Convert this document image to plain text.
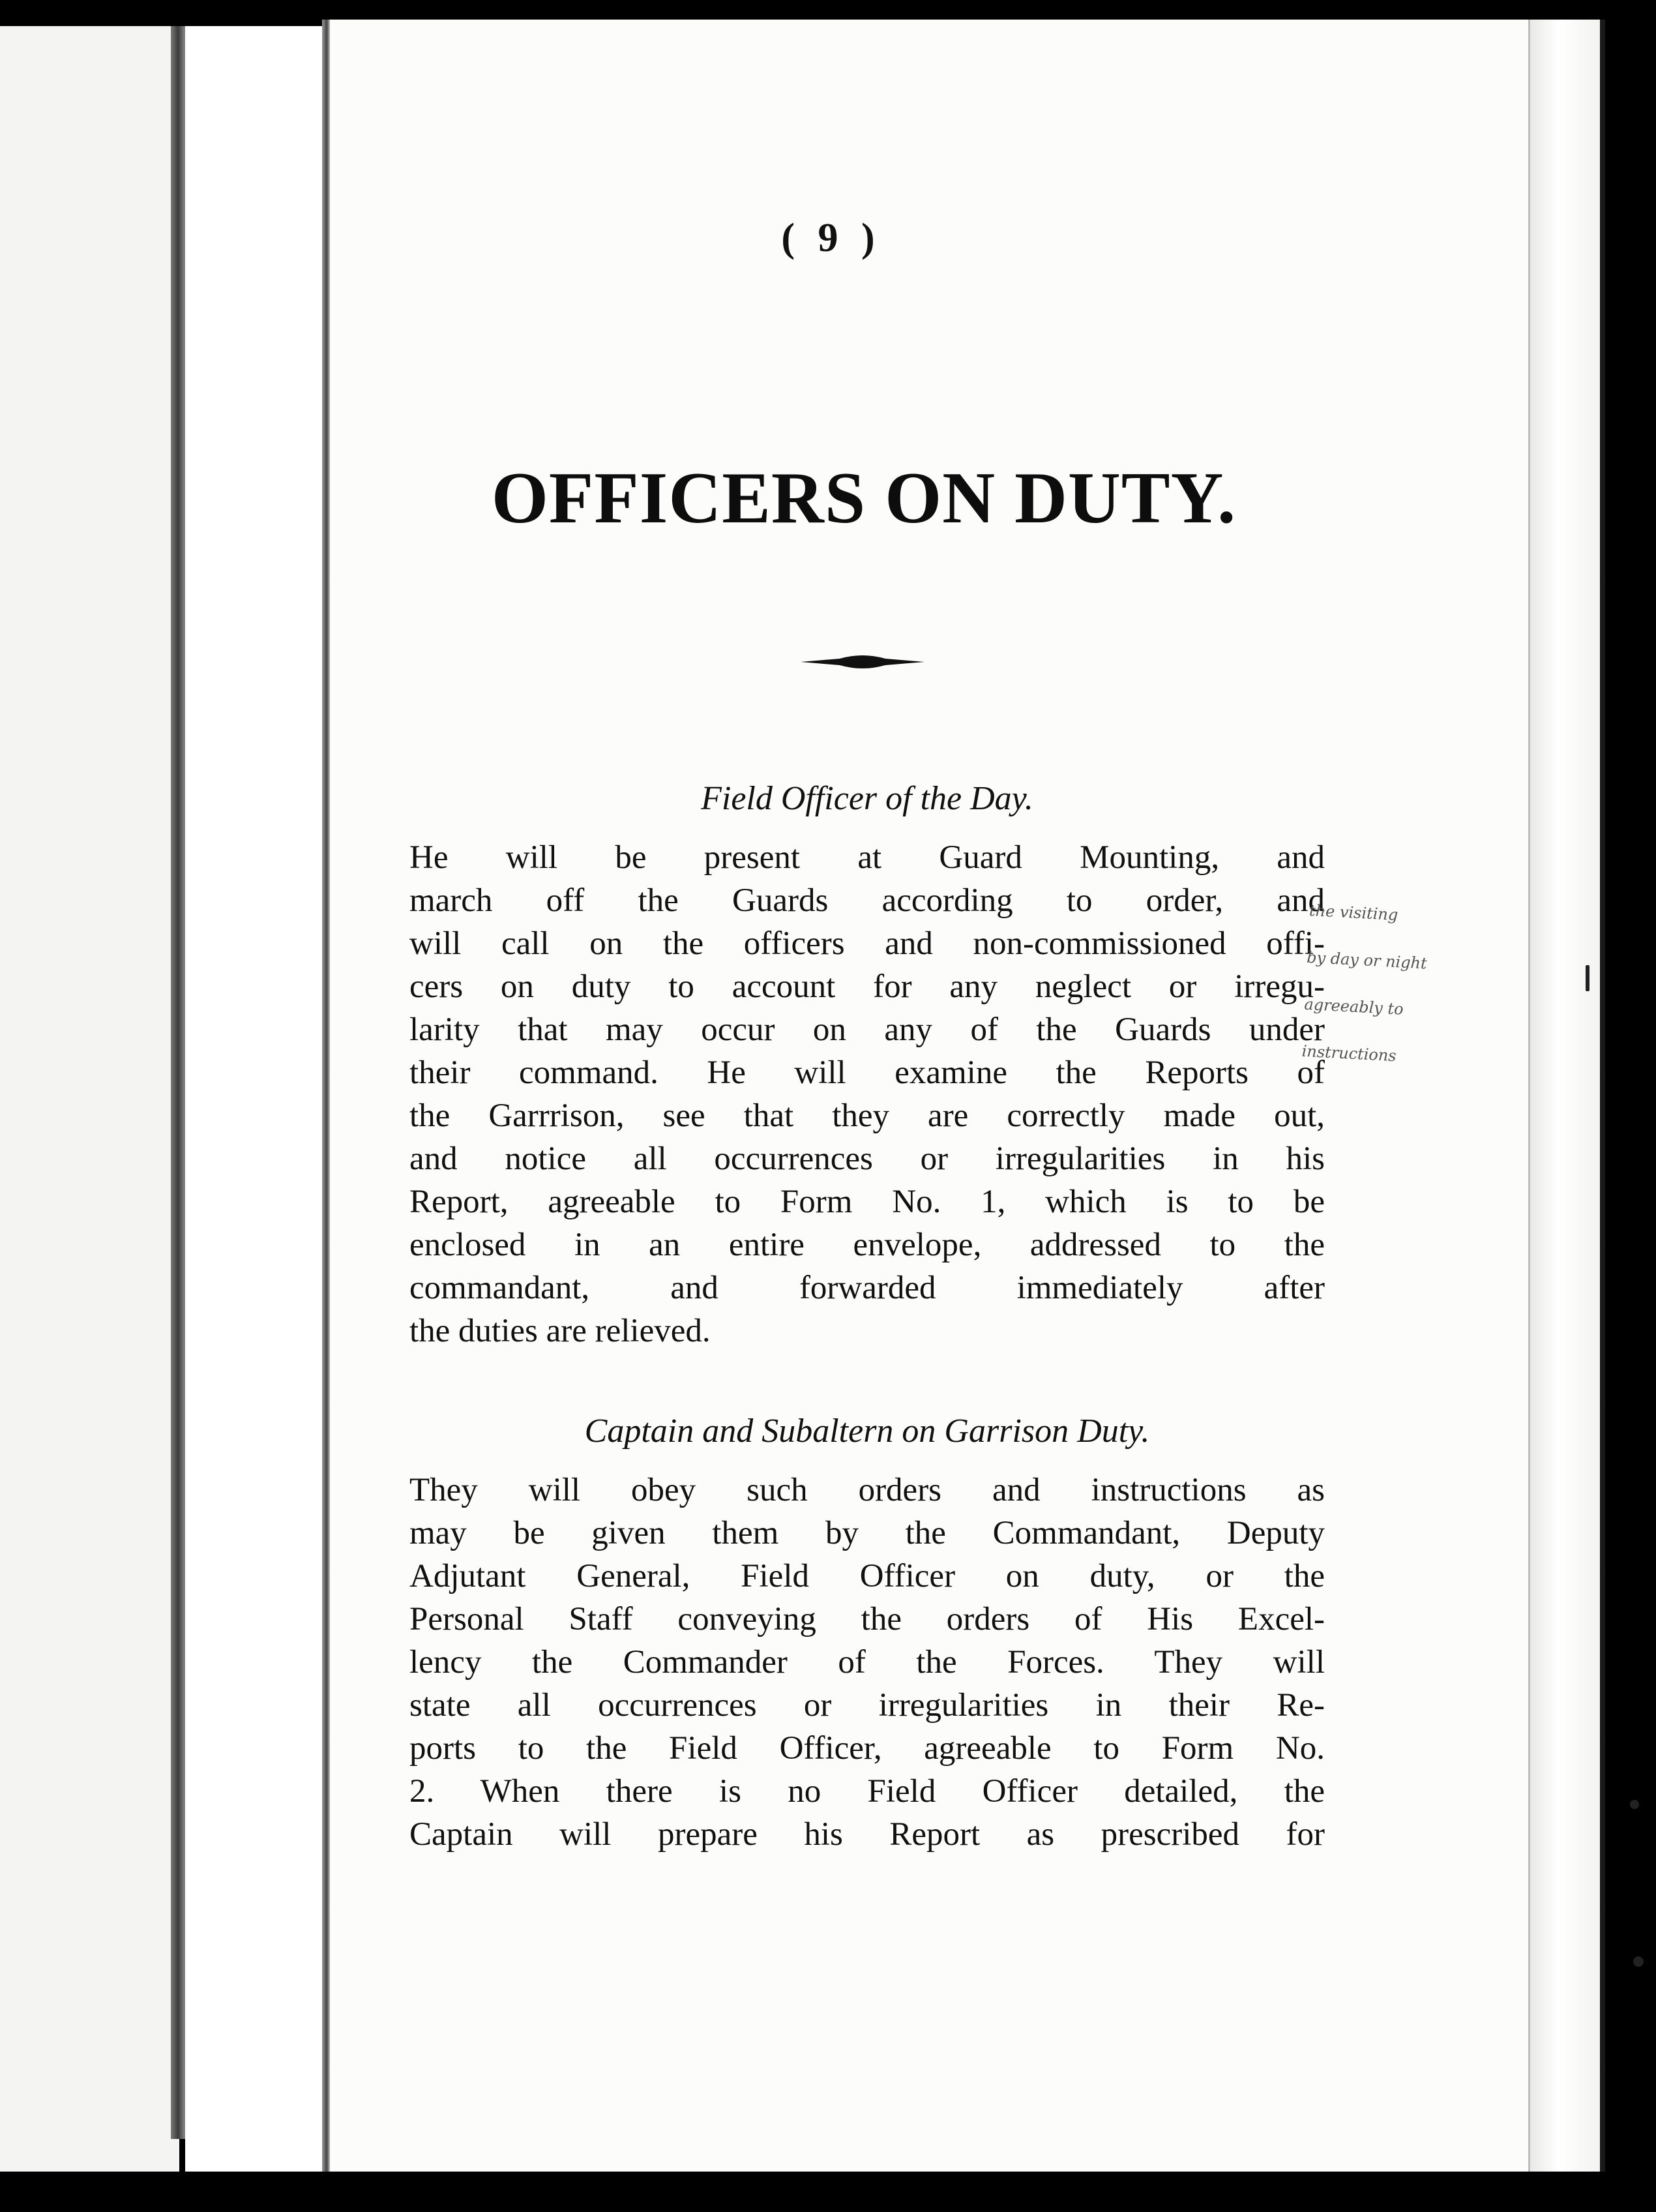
( 9 )
OFFICERS ON DUTY.
Field Officer of the Day.
He will be present at Guard Mounting, and
march off the Guards according to order, and
will call on the officers and non-commissioned offi-
cers on duty to account for any neglect or irregu-
larity that may occur on any of the Guards under
their command. He will examine the Reports of
the Garrrison, see that they are correctly made out,
and notice all occurrences or irregularities in his
Report, agreeable to Form No. 1, which is to be
enclosed in an entire envelope, addressed to the
commandant, and forwarded immediately after
the duties are relieved.
Captain and Subaltern on Garrison Duty.
They will obey such orders and instructions as
may be given them by the Commandant, Deputy
Adjutant General, Field Officer on duty, or the
Personal Staff conveying the orders of His Excel-
lency the Commander of the Forces. They will
state all occurrences or irregularities in their Re-
ports to the Field Officer, agreeable to Form No.
2. When there is no Field Officer detailed, the
Captain will prepare his Report as prescribed for
the visiting
by day or night
agreeably to
instructions
